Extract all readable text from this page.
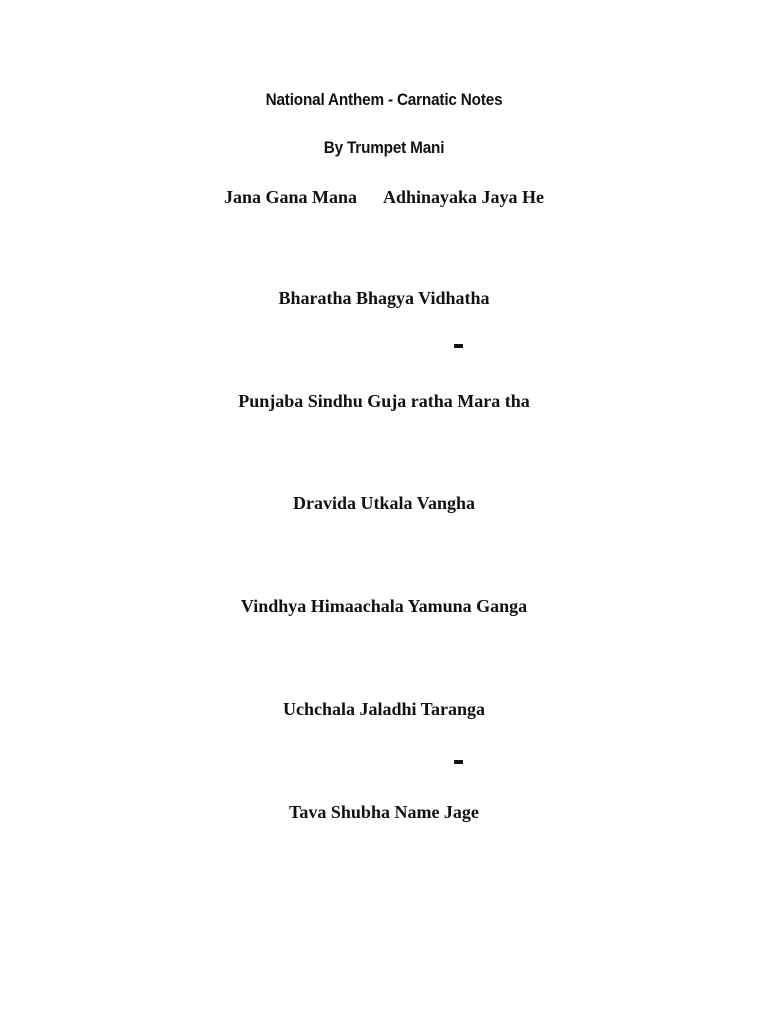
National Anthem - Carnatic Notes
By Trumpet Mani
Jana Gana Mana Adhinayaka Jaya He
Bharatha Bhagya Vidhatha
Punjaba Sindhu Guja ratha Mara tha
Dravida Utkala Vangha
Vindhya Himaachala Yamuna Ganga
Uchchala Jaladhi Taranga
Tava Shubha Name Jage
